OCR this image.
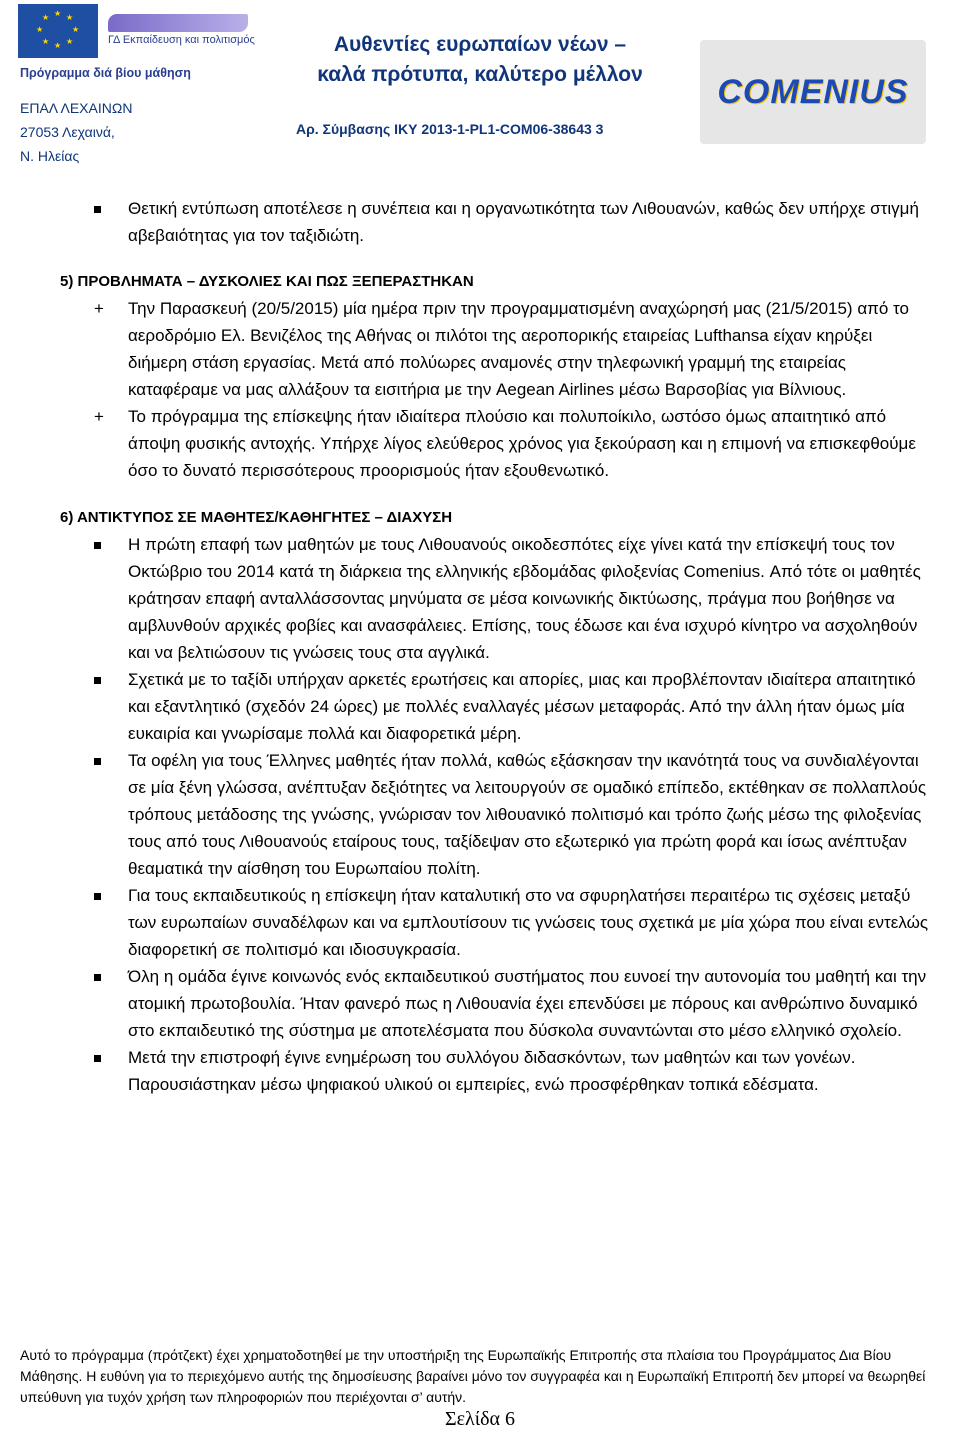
★ ★
★
★
★
★
★
★
ΓΔ Εκπαίδευση και πολιτισμός
Πρόγραμμα διά βίου μάθηση
ΕΠΑΛ ΛΕΧΑΙΝΩΝ
27053 Λεχαινά,
Ν. Ηλείας
Αυθεντίες ευρωπαίων νέων –
καλά πρότυπα, καλύτερο μέλλον
Αρ. Σύμβασης ΙΚΥ 2013-1-PL1-COM06-38643 3
COMENIUS
Θετική εντύπωση αποτέλεσε η συνέπεια και η οργανωτικότητα των Λιθουανών, καθώς δεν υπήρχε στιγμή αβεβαιότητας για τον ταξιδιώτη.
5) ΠΡΟΒΛΗΜΑΤΑ – ΔΥΣΚΟΛΙΕΣ ΚΑΙ ΠΩΣ ΞΕΠΕΡΑΣΤΗΚΑΝ
+ Την Παρασκευή (20/5/2015) μία ημέρα πριν την προγραμματισμένη αναχώρησή μας (21/5/2015) από το αεροδρόμιο Ελ. Βενιζέλος της Αθήνας οι πιλότοι της αεροπορικής εταιρείας Lufthansa είχαν κηρύξει διήμερη στάση εργασίας. Μετά από πολύωρες αναμονές στην τηλεφωνική γραμμή της εταιρείας καταφέραμε να μας αλλάξουν τα εισιτήρια με την Aegean Airlines μέσω Βαρσοβίας για Βίλνιους.
+ Το πρόγραμμα της επίσκεψης ήταν ιδιαίτερα πλούσιο και πολυποίκιλο, ωστόσο όμως απαιτητικό από άποψη φυσικής αντοχής. Υπήρχε λίγος ελεύθερος χρόνος για ξεκούραση και η επιμονή να επισκεφθούμε όσο το δυνατό περισσότερους προορισμούς ήταν εξουθενωτικό.
6) ΑΝΤΙΚΤΥΠΟΣ ΣΕ ΜΑΘΗΤΕΣ/ΚΑΘΗΓΗΤΕΣ – ΔΙΑΧΥΣΗ
Η πρώτη επαφή των μαθητών με τους Λιθουανούς οικοδεσπότες είχε γίνει κατά την επίσκεψή τους τον Οκτώβριο του 2014 κατά τη διάρκεια της ελληνικής εβδομάδας φιλοξενίας Comenius. Από τότε οι μαθητές κράτησαν επαφή ανταλλάσσοντας μηνύματα σε μέσα κοινωνικής δικτύωσης, πράγμα που βοήθησε να αμβλυνθούν αρχικές φοβίες και ανασφάλειες. Επίσης, τους έδωσε και ένα ισχυρό κίνητρο να ασχοληθούν και να βελτιώσουν τις γνώσεις τους στα αγγλικά.
Σχετικά με το ταξίδι υπήρχαν αρκετές ερωτήσεις και απορίες, μιας και προβλέπονταν ιδιαίτερα απαιτητικό και εξαντλητικό (σχεδόν 24 ώρες) με πολλές εναλλαγές μέσων μεταφοράς. Από την άλλη ήταν όμως μία ευκαιρία και γνωρίσαμε πολλά και διαφορετικά μέρη.
Τα οφέλη για τους Έλληνες μαθητές ήταν πολλά, καθώς εξάσκησαν την ικανότητά τους να συνδιαλέγονται σε μία ξένη γλώσσα, ανέπτυξαν δεξιότητες να λειτουργούν σε ομαδικό επίπεδο, εκτέθηκαν σε πολλαπλούς τρόπους μετάδοσης της γνώσης, γνώρισαν τον λιθουανικό πολιτισμό και τρόπο ζωής μέσω της φιλοξενίας τους από τους Λιθουανούς εταίρους τους, ταξίδεψαν στο εξωτερικό για πρώτη φορά και ίσως ανέπτυξαν θεαματικά την αίσθηση του Ευρωπαίου πολίτη.
Για τους εκπαιδευτικούς η επίσκεψη ήταν καταλυτική στο να σφυρηλατήσει περαιτέρω τις σχέσεις μεταξύ των ευρωπαίων συναδέλφων και να εμπλουτίσουν τις γνώσεις τους σχετικά με μία χώρα που είναι εντελώς διαφορετική σε πολιτισμό και ιδιοσυγκρασία.
Όλη η ομάδα έγινε κοινωνός ενός εκπαιδευτικού συστήματος που ευνοεί την αυτονομία του μαθητή και την ατομική πρωτοβουλία. Ήταν φανερό πως η Λιθουανία έχει επενδύσει με πόρους και ανθρώπινο δυναμικό στο εκπαιδευτικό της σύστημα με αποτελέσματα που δύσκολα συναντώνται στο μέσο ελληνικό σχολείο.
Μετά την επιστροφή έγινε ενημέρωση του συλλόγου διδασκόντων, των μαθητών και των γονέων. Παρουσιάστηκαν μέσω ψηφιακού υλικού οι εμπειρίες, ενώ προσφέρθηκαν τοπικά εδέσματα.
Αυτό το πρόγραμμα (πρότζεκτ) έχει χρηματοδοτηθεί με την υποστήριξη της Ευρωπαϊκής Επιτροπής στα πλαίσια του Προγράμματος Δια Βίου Μάθησης. Η ευθύνη για το περιεχόμενο αυτής της δημοσίευσης βαραίνει μόνο τον συγγραφέα και η Ευρωπαϊκή Επιτροπή δεν μπορεί να θεωρηθεί υπεύθυνη για τυχόν χρήση των πληροφοριών που περιέχονται σ’ αυτήν.
Σελίδα 6
